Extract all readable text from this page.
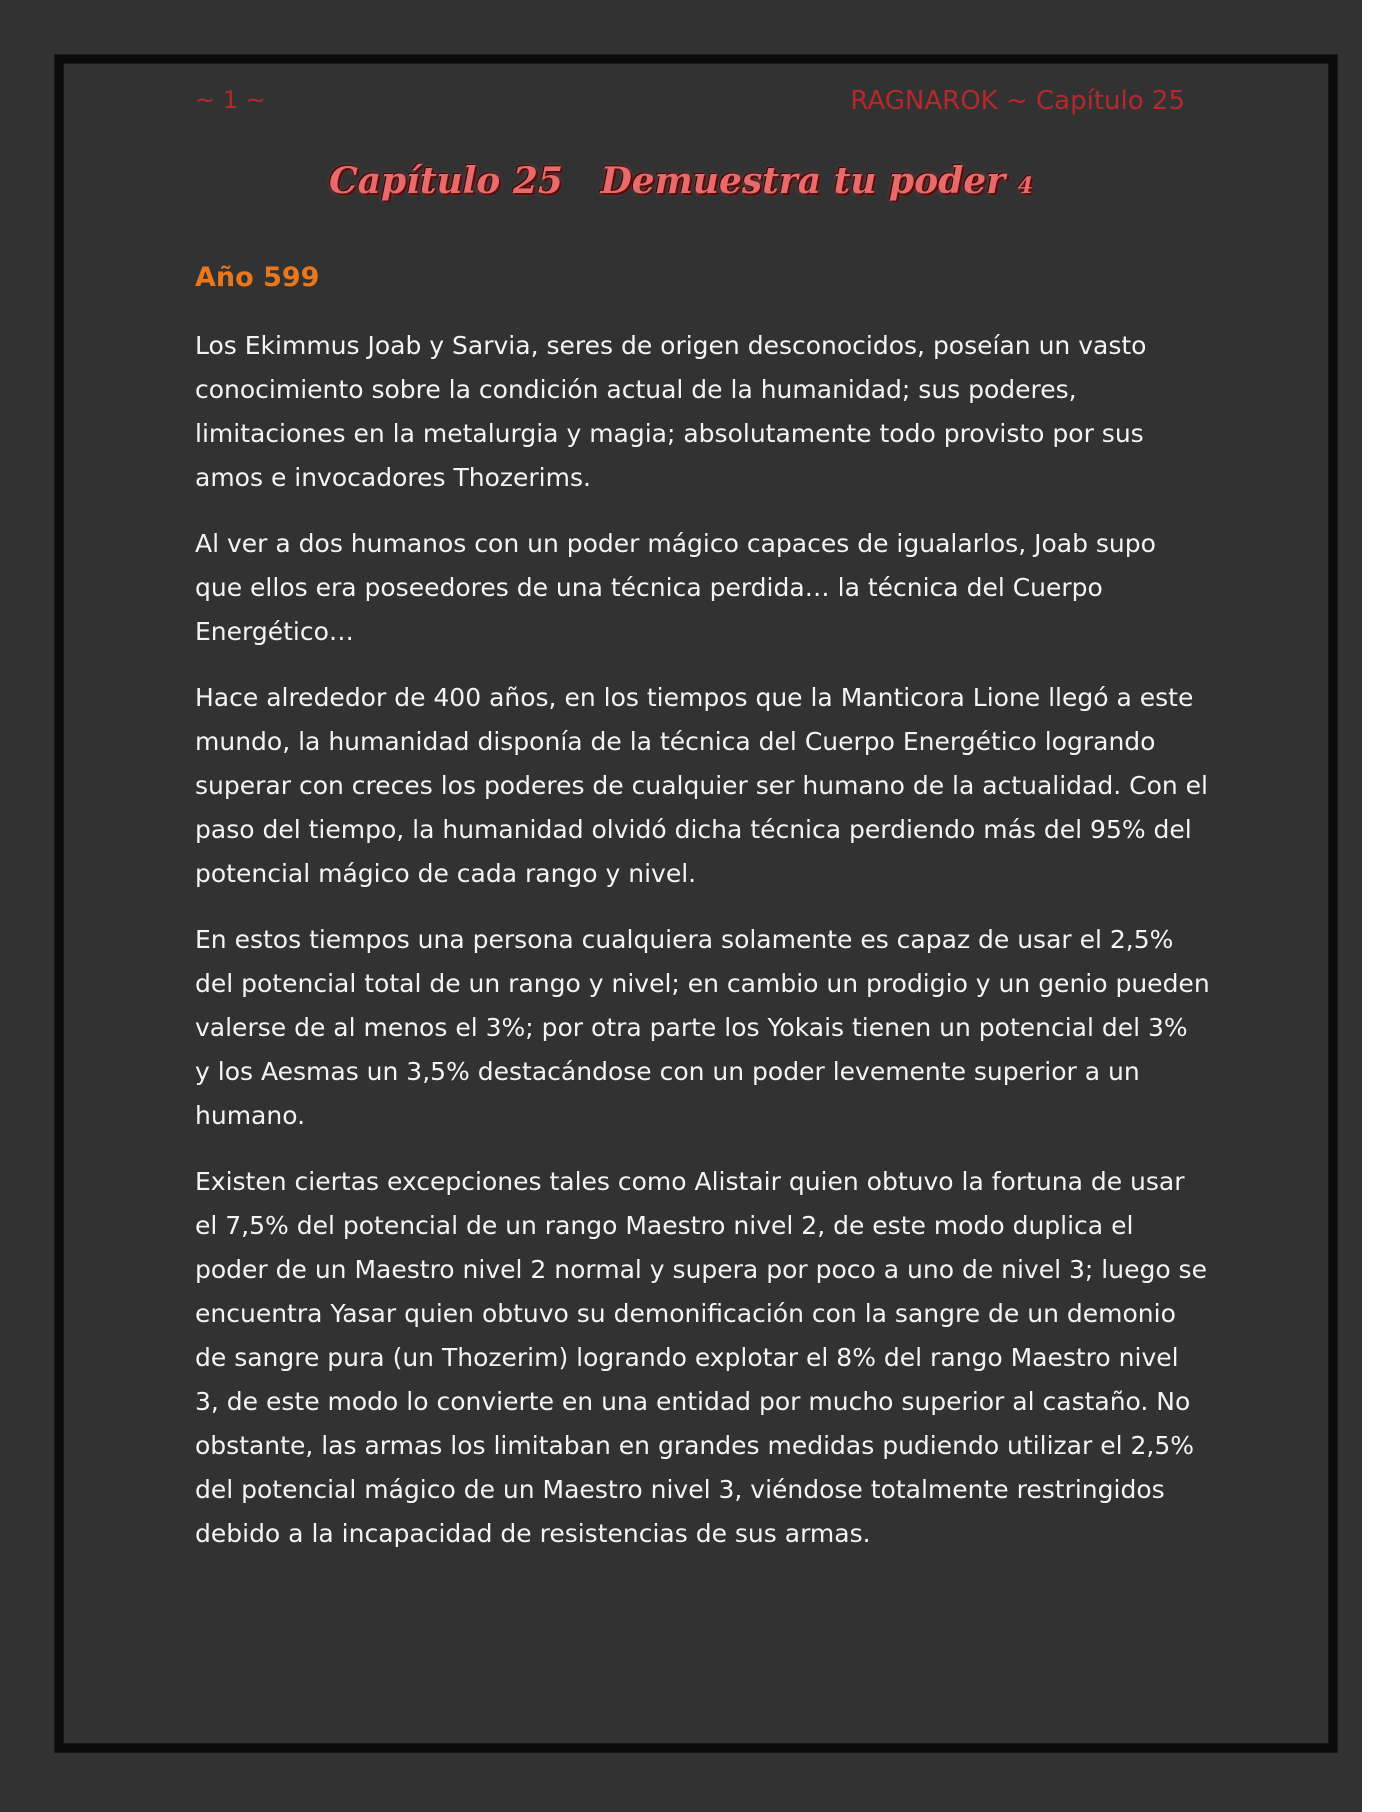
~ 1 ~	RAGNAROK ~ Capítulo 25
Capítulo 25 Demuestra tu poder 4
Año 599

Los Ekimmus Joab y Sarvia, seres de origen desconocidos, poseían un vasto conocimiento sobre la condición actual de la humanidad; sus poderes, limitaciones en la metalurgia y magia; absolutamente todo provisto por sus amos e invocadores Thozerims.

Al ver a dos humanos con un poder mágico capaces de igualarlos, Joab supo que ellos era poseedores de una técnica perdida… la técnica del Cuerpo Energético…

Hace alrededor de 400 años, en los tiempos que la Manticora Lione llegó a este mundo, la humanidad disponía de la técnica del Cuerpo Energético logrando superar con creces los poderes de cualquier ser humano de la actualidad. Con el paso del tiempo, la humanidad olvidó dicha técnica perdiendo más del 95% del potencial mágico de cada rango y nivel.

En estos tiempos una persona cualquiera solamente es capaz de usar el 2,5% del potencial total de un rango y nivel; en cambio un prodigio y un genio pueden valerse de al menos el 3%; por otra parte los Yokais tienen un potencial del 3% y los Aesmas un 3,5% destacándose con un poder levemente superior a un humano.

Existen ciertas excepciones tales como Alistair quien obtuvo la fortuna de usar el 7,5% del potencial de un rango Maestro nivel 2, de este modo duplica el poder de un Maestro nivel 2 normal y supera por poco a uno de nivel 3; luego se encuentra Yasar quien obtuvo su demonificación con la sangre de un demonio de sangre pura (un Thozerim) logrando explotar el 8% del rango Maestro nivel 3, de este modo lo convierte en una entidad por mucho superior al castaño. No obstante, las armas los limitaban en grandes medidas pudiendo utilizar el 2,5% del potencial mágico de un Maestro nivel 3, viéndose totalmente restringidos debido a la incapacidad de resistencias de sus armas.
